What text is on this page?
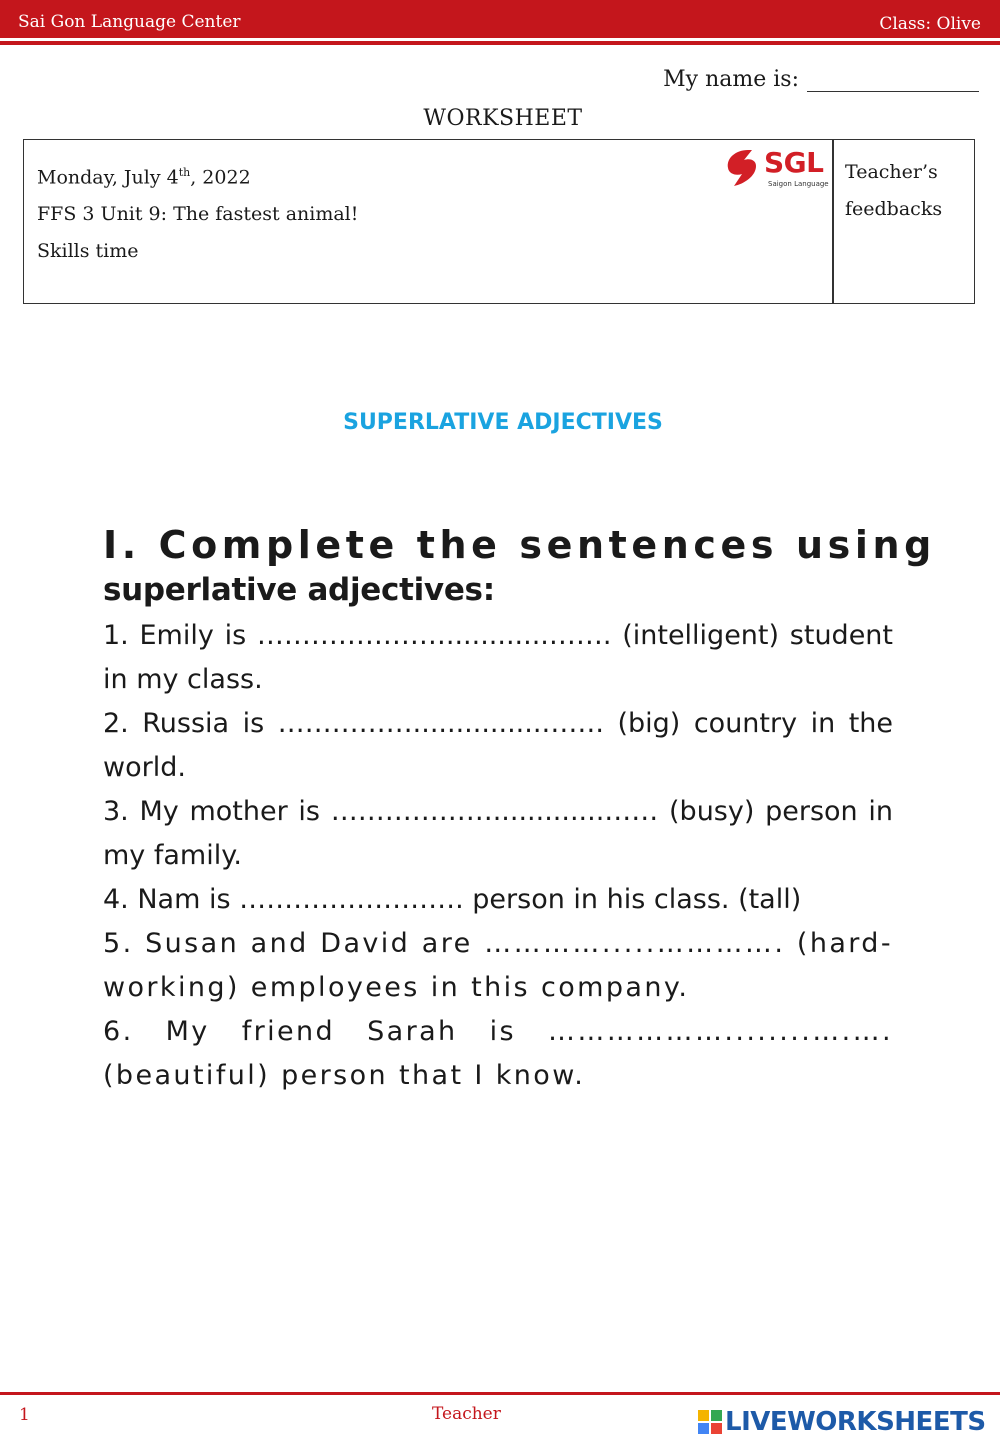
Sai Gon Language Center	Class: Olive
My name is:
WORKSHEET
Monday, July 4th, 2022
FFS 3 Unit 9: The fastest animal!
Skills time
SGL
Saigon Language
Teacher’s
feedbacks
SUPERLATIVE ADJECTIVES
I. Complete the sentences using
superlative adjectives:
1. Emily is …………………............……. (intelligent) student in my class.
2. Russia is ……………...............……. (big) country in the world.
3. My mother is ……………….............…… (busy) person in my family.
4. Nam is ……………………. person in his class. (tall)
5. Susan and David are ………….....…………. (hard-working) employees in this company.
6. My friend Sarah is ………………........….…. (beautiful) person that I know.
1	Teacher	LIVEWORKSHEETS
